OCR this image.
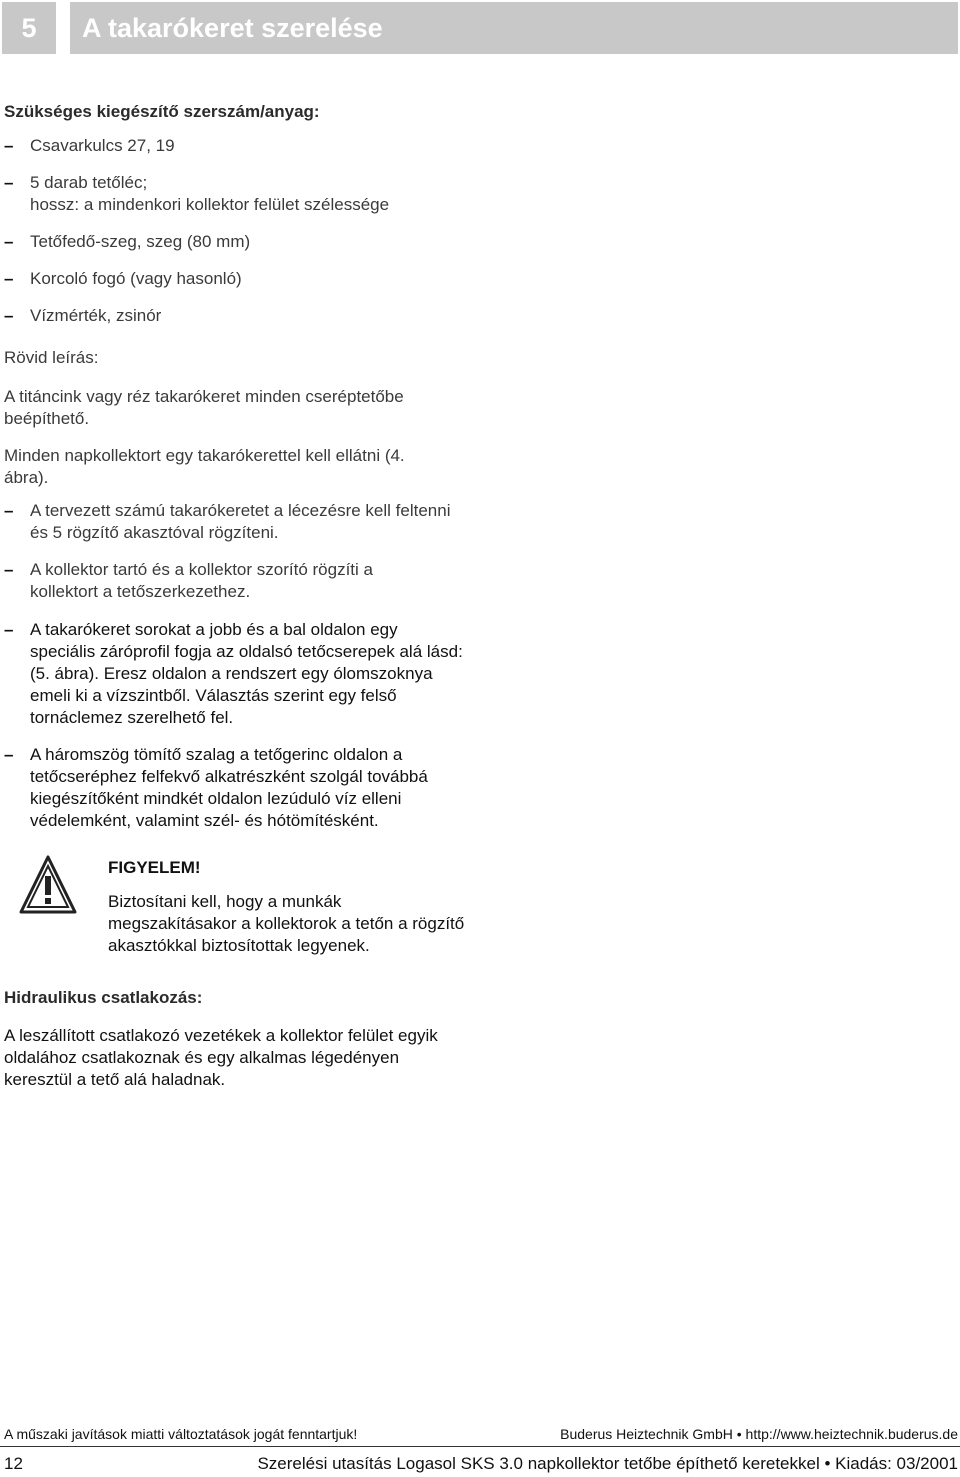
5	A takarókeret szerelése

Szükséges kiegészítő szerszám/anyag:

– Csavarkulcs 27, 19
– 5 darab tetőléc;
hossz: a mindenkori kollektor felület szélessége
– Tetőfedő-szeg, szeg (80 mm)
– Korcoló fogó (vagy hasonló)
– Vízmérték, zsinór

Rövid leírás:

A titáncink vagy réz takarókeret minden cseréptetőbe beépíthető.

Minden napkollektort egy takarókerettel kell ellátni (4. ábra).

– A tervezett számú takarókeretet a lécezésre kell feltenni és 5 rögzítő akasztóval rögzíteni.
– A kollektor tartó és a kollektor szorító rögzíti a kollektort a tetőszerkezethez.
– A takarókeret sorokat a jobb és a bal oldalon egy speciális záróprofil fogja az oldalsó tetőcserepek alá lásd: (5. ábra). Eresz oldalon a rendszert egy ólomszoknya emeli ki a vízszintből. Választás szerint egy felső tornáclemez szerelhető fel.
– A háromszög tömítő szalag a tetőgerinc oldalon a tetőcseréphez felfekvő alkatrészként szolgál továbbá kiegészítőként mindkét oldalon lezúduló víz elleni védelemként, valamint szél- és hótömítésként.
FIGYELEM!
Biztosítani kell, hogy a munkák megszakításakor a kollektorok a tetőn a rögzítő akasztókkal biztosítottak legyenek.

Hidraulikus csatlakozás:

A leszállított csatlakozó vezetékek a kollektor felület egyik oldalához csatlakoznak és egy alkalmas légedényen keresztül a tető alá haladnak.

A műszaki javítások miatti változtatások jogát fenntartjuk!	Buderus Heiztechnik GmbH • http://www.heiztechnik.buderus.de
12	Szerelési utasítás Logasol SKS 3.0 napkollektor tetőbe építhető keretekkel • Kiadás: 03/2001
